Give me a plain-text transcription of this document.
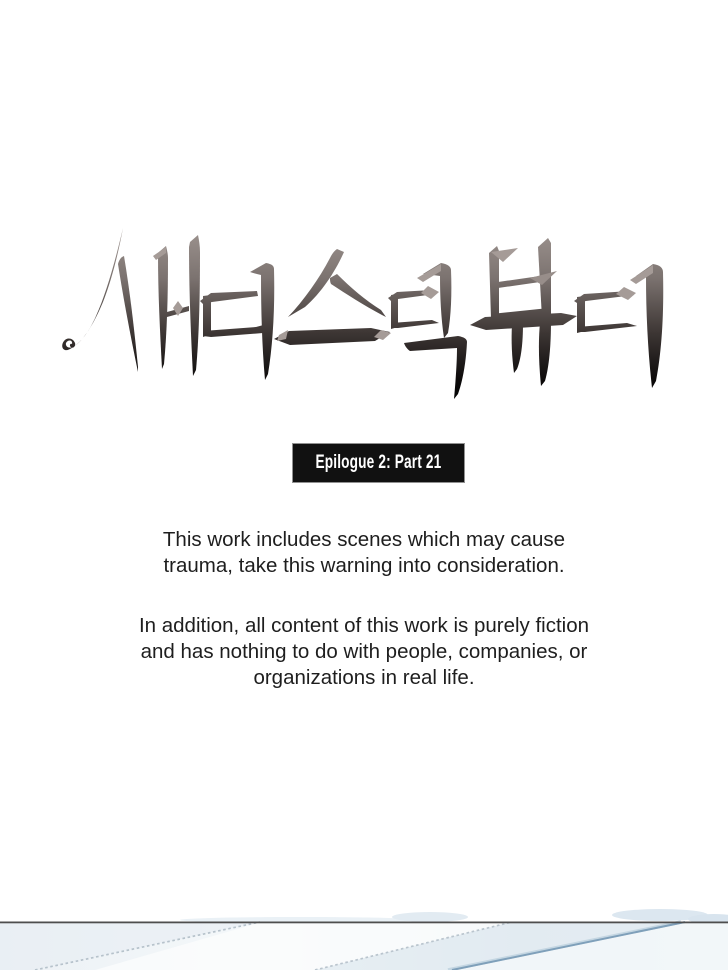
Epilogue 2: Part 21
This work includes scenes which may cause
trauma, take this warning into consideration.
In addition, all content of this work is purely fiction
and has nothing to do with people, companies, or
organizations in real life.
